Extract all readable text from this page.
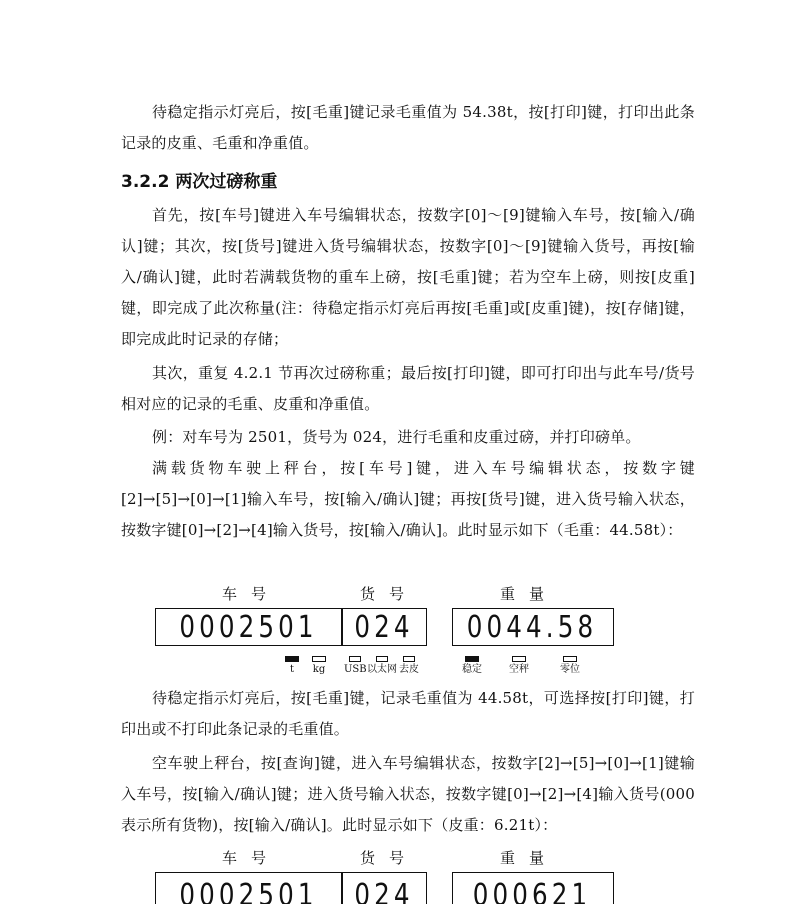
待稳定指示灯亮后，按[毛重]键记录毛重值为 54.38t，按[打印]键，打印出此条记录的皮重、毛重和净重值。

3.2.2 两次过磅称重

首先，按[车号]键进入车号编辑状态，按数字[0]～[9]键输入车号，按[输入/确认]键；其次，按[货号]键进入货号编辑状态，按数字[0]～[9]键输入货号，再按[输入/确认]键，此时若满载货物的重车上磅，按[毛重]键；若为空车上磅，则按[皮重]键，即完成了此次称量(注：待稳定指示灯亮后再按[毛重]或[皮重]键)，按[存储]键，即完成此时记录的存储；

其次，重复 4.2.1 节再次过磅称重；最后按[打印]键，即可打印出与此车号/货号相对应的记录的毛重、皮重和净重值。

例：对车号为 2501，货号为 024，进行毛重和皮重过磅，并打印磅单。

满载货物车驶上秤台，按[车号]键，进入车号编辑状态，按数字键[2]→[5]→[0]→[1]输入车号，按[输入/确认]键；再按[货号]键，进入货号输入状态，按数字键[0]→[2]→[4]输入货号，按[输入/确认]。此时显示如下（毛重：44.58t）：

车号	货号	重量
0002501 024 0044.58
t kg USB 以太网 去皮	稳定	空秤	零位

待稳定指示灯亮后，按[毛重]键，记录毛重值为 44.58t，可选择按[打印]键，打印出或不打印此条记录的毛重值。

空车驶上秤台，按[查询]键，进入车号编辑状态，按数字[2]→[5]→[0]→[1]键输入车号，按[输入/确认]键；进入货号输入状态，按数字键[0]→[2]→[4]输入货号(000 表示所有货物)，按[输入/确认]。此时显示如下（皮重：6.21t）：

车号	货号	重量
0002501 024 000621
